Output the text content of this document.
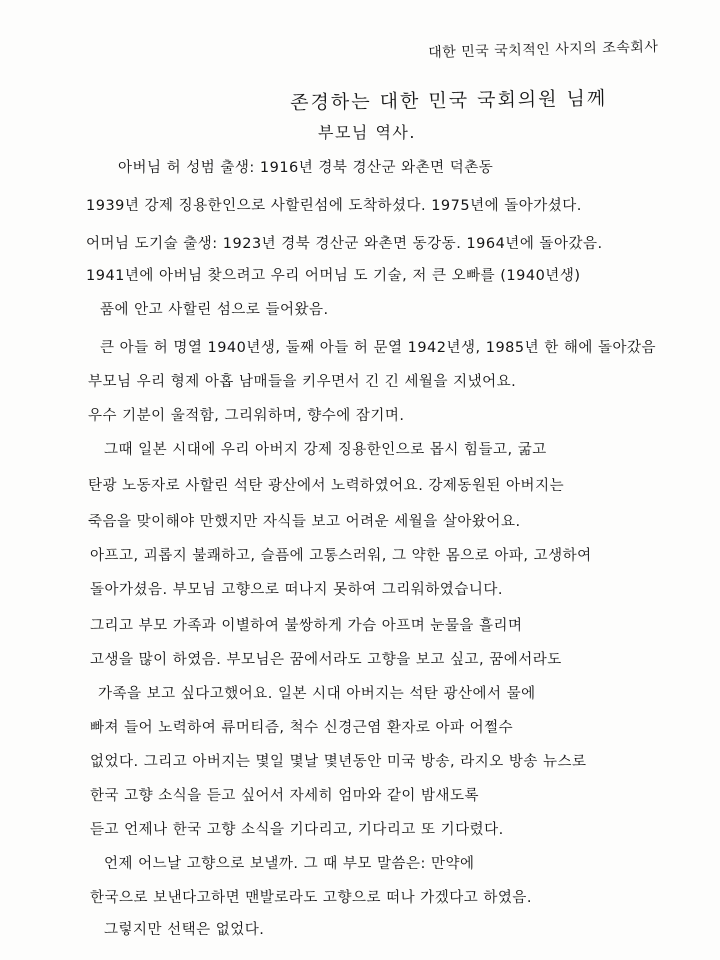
대한 민국 국치적인 사지의 조속회사
존경하는 대한 민국 국회의원 님께
부모님 역사.
아버님 허 성범 출생: 1916년 경북 경산군 와촌면 덕촌동
1939년 강제 징용한인으로 사할린섬에 도착하셨다. 1975년에 돌아가셨다.
어머님 도기술 출생: 1923년 경북 경산군 와촌면 동강동. 1964년에 돌아갔음.
1941년에 아버님 찾으려고 우리 어머님 도 기술, 저 큰 오빠를 (1940년생)
품에 안고 사할린 섬으로 들어왔음.
큰 아들 허 명열 1940년생, 둘째 아들 허 문열 1942년생, 1985년 한 해에 돌아갔음
부모님 우리 형제 아홉 남매들을 키우면서 긴 긴 세월을 지냈어요.
우수 기분이 울적함, 그리워하며, 향수에 잠기며.
그때 일본 시대에 우리 아버지 강제 징용한인으로 몹시 힘들고, 굶고
탄광 노동자로 사할린 석탄 광산에서 노력하였어요. 강제동원된 아버지는
죽음을 맞이해야 만했지만 자식들 보고 어려운 세월을 살아왔어요.
아프고, 괴롭지 불쾌하고, 슬픔에 고통스러워, 그 약한 몸으로 아파, 고생하여
돌아가셨음. 부모님 고향으로 떠나지 못하여 그리워하였습니다.
그리고 부모 가족과 이별하여 불쌍하게 가슴 아프며 눈물을 흘리며
고생을 많이 하였음. 부모님은 꿈에서라도 고향을 보고 싶고, 꿈에서라도
가족을 보고 싶다고했어요. 일본 시대 아버지는 석탄 광산에서 물에
빠져 들어 노력하여 류머티즘, 척수 신경근염 환자로 아파 어쩔수
없었다. 그리고 아버지는 몇일 몇날 몇년동안 미국 방송, 라지오 방송 뉴스로
한국 고향 소식을 듣고 싶어서 자세히 엄마와 같이 밤새도록
듣고 언제나 한국 고향 소식을 기다리고, 기다리고 또 기다렸다.
언제 어느날 고향으로 보낼까. 그 때 부모 말씀은: 만약에
한국으로 보낸다고하면 맨발로라도 고향으로 떠나 가겠다고 하였음.
그렇지만 선택은 없었다.
